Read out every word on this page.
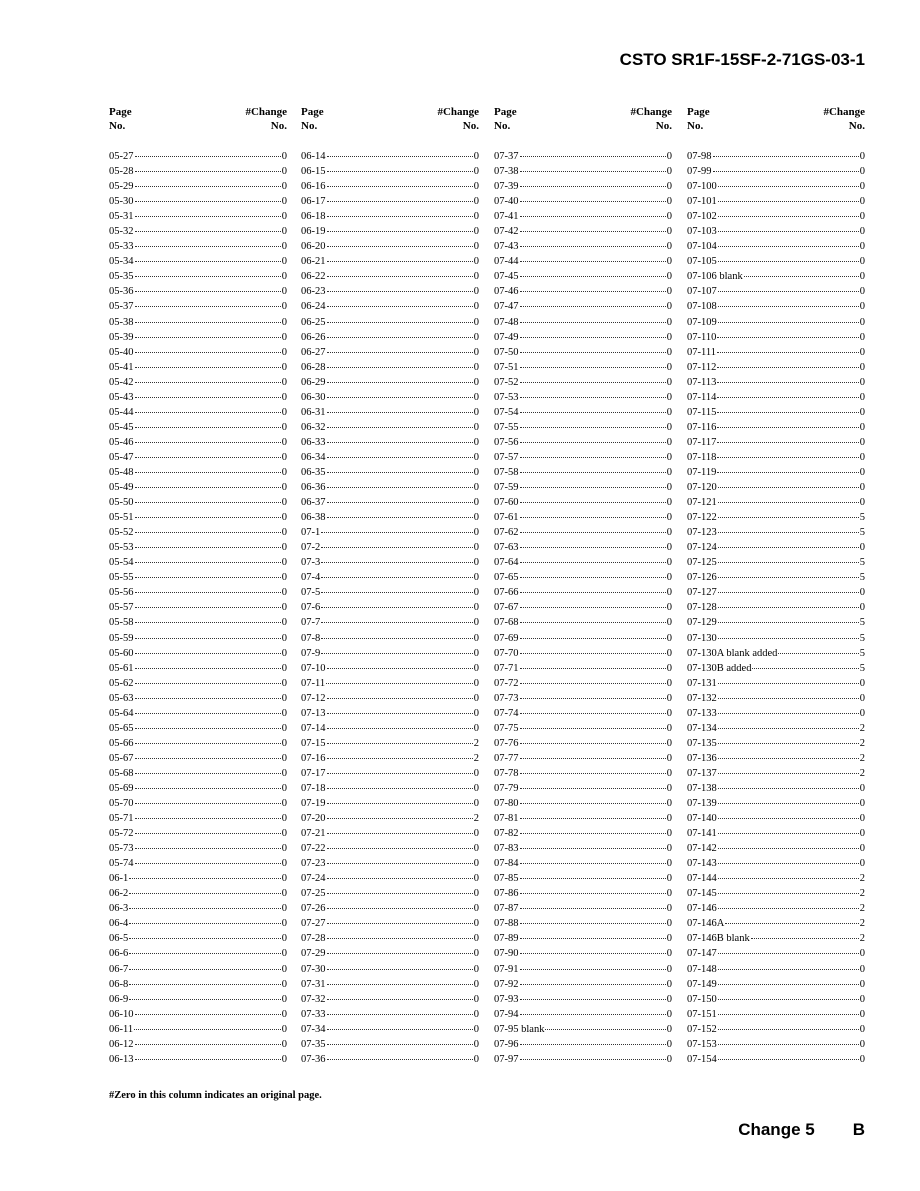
CSTO SR1F-15SF-2-71GS-03-1
Page	#Change
No.	No.
05-27	0
05-28	0
05-29	0
05-30	0
05-31	0
05-32	0
05-33	0
05-34	0
05-35	0
05-36	0
05-37	0
05-38	0
05-39	0
05-40	0
05-41	0
05-42	0
05-43	0
05-44	0
05-45	0
05-46	0
05-47	0
05-48	0
05-49	0
05-50	0
05-51	0
05-52	0
05-53	0
05-54	0
05-55	0
05-56	0
05-57	0
05-58	0
05-59	0
05-60	0
05-61	0
05-62	0
05-63	0
05-64	0
05-65	0
05-66	0
05-67	0
05-68	0
05-69	0
05-70	0
05-71	0
05-72	0
05-73	0
05-74	0
06-1	0
06-2	0
06-3	0
06-4	0
06-5	0
06-6	0
06-7	0
06-8	0
06-9	0
06-10	0
06-11	0
06-12	0
06-13	0
Page	#Change
No.	No.
06-14	0
06-15	0
06-16	0
06-17	0
06-18	0
06-19	0
06-20	0
06-21	0
06-22	0
06-23	0
06-24	0
06-25	0
06-26	0
06-27	0
06-28	0
06-29	0
06-30	0
06-31	0
06-32	0
06-33	0
06-34	0
06-35	0
06-36	0
06-37	0
06-38	0
07-1	0
07-2	0
07-3	0
07-4	0
07-5	0
07-6	0
07-7	0
07-8	0
07-9	0
07-10	0
07-11	0
07-12	0
07-13	0
07-14	0
07-15	2
07-16	2
07-17	0
07-18	0
07-19	0
07-20	2
07-21	0
07-22	0
07-23	0
07-24	0
07-25	0
07-26	0
07-27	0
07-28	0
07-29	0
07-30	0
07-31	0
07-32	0
07-33	0
07-34	0
07-35	0
07-36	0
Page	#Change
No.	No.
07-37	0
07-38	0
07-39	0
07-40	0
07-41	0
07-42	0
07-43	0
07-44	0
07-45	0
07-46	0
07-47	0
07-48	0
07-49	0
07-50	0
07-51	0
07-52	0
07-53	0
07-54	0
07-55	0
07-56	0
07-57	0
07-58	0
07-59	0
07-60	0
07-61	0
07-62	0
07-63	0
07-64	0
07-65	0
07-66	0
07-67	0
07-68	0
07-69	0
07-70	0
07-71	0
07-72	0
07-73	0
07-74	0
07-75	0
07-76	0
07-77	0
07-78	0
07-79	0
07-80	0
07-81	0
07-82	0
07-83	0
07-84	0
07-85	0
07-86	0
07-87	0
07-88	0
07-89	0
07-90	0
07-91	0
07-92	0
07-93	0
07-94	0
07-95 blank	0
07-96	0
07-97	0
Page	#Change
No.	No.
07-98	0
07-99	0
07-100	0
07-101	0
07-102	0
07-103	0
07-104	0
07-105	0
07-106 blank	0
07-107	0
07-108	0
07-109	0
07-110	0
07-111	0
07-112	0
07-113	0
07-114	0
07-115	0
07-116	0
07-117	0
07-118	0
07-119	0
07-120	0
07-121	0
07-122	5
07-123	5
07-124	0
07-125	5
07-126	5
07-127	0
07-128	0
07-129	5
07-130	5
07-130A blank added	5
07-130B added	5
07-131	0
07-132	0
07-133	0
07-134	2
07-135	2
07-136	2
07-137	2
07-138	0
07-139	0
07-140	0
07-141	0
07-142	0
07-143	0
07-144	2
07-145	2
07-146	2
07-146A	2
07-146B blank	2
07-147	0
07-148	0
07-149	0
07-150	0
07-151	0
07-152	0
07-153	0
07-154	0
#Zero in this column indicates an original page.
Change 5 B
